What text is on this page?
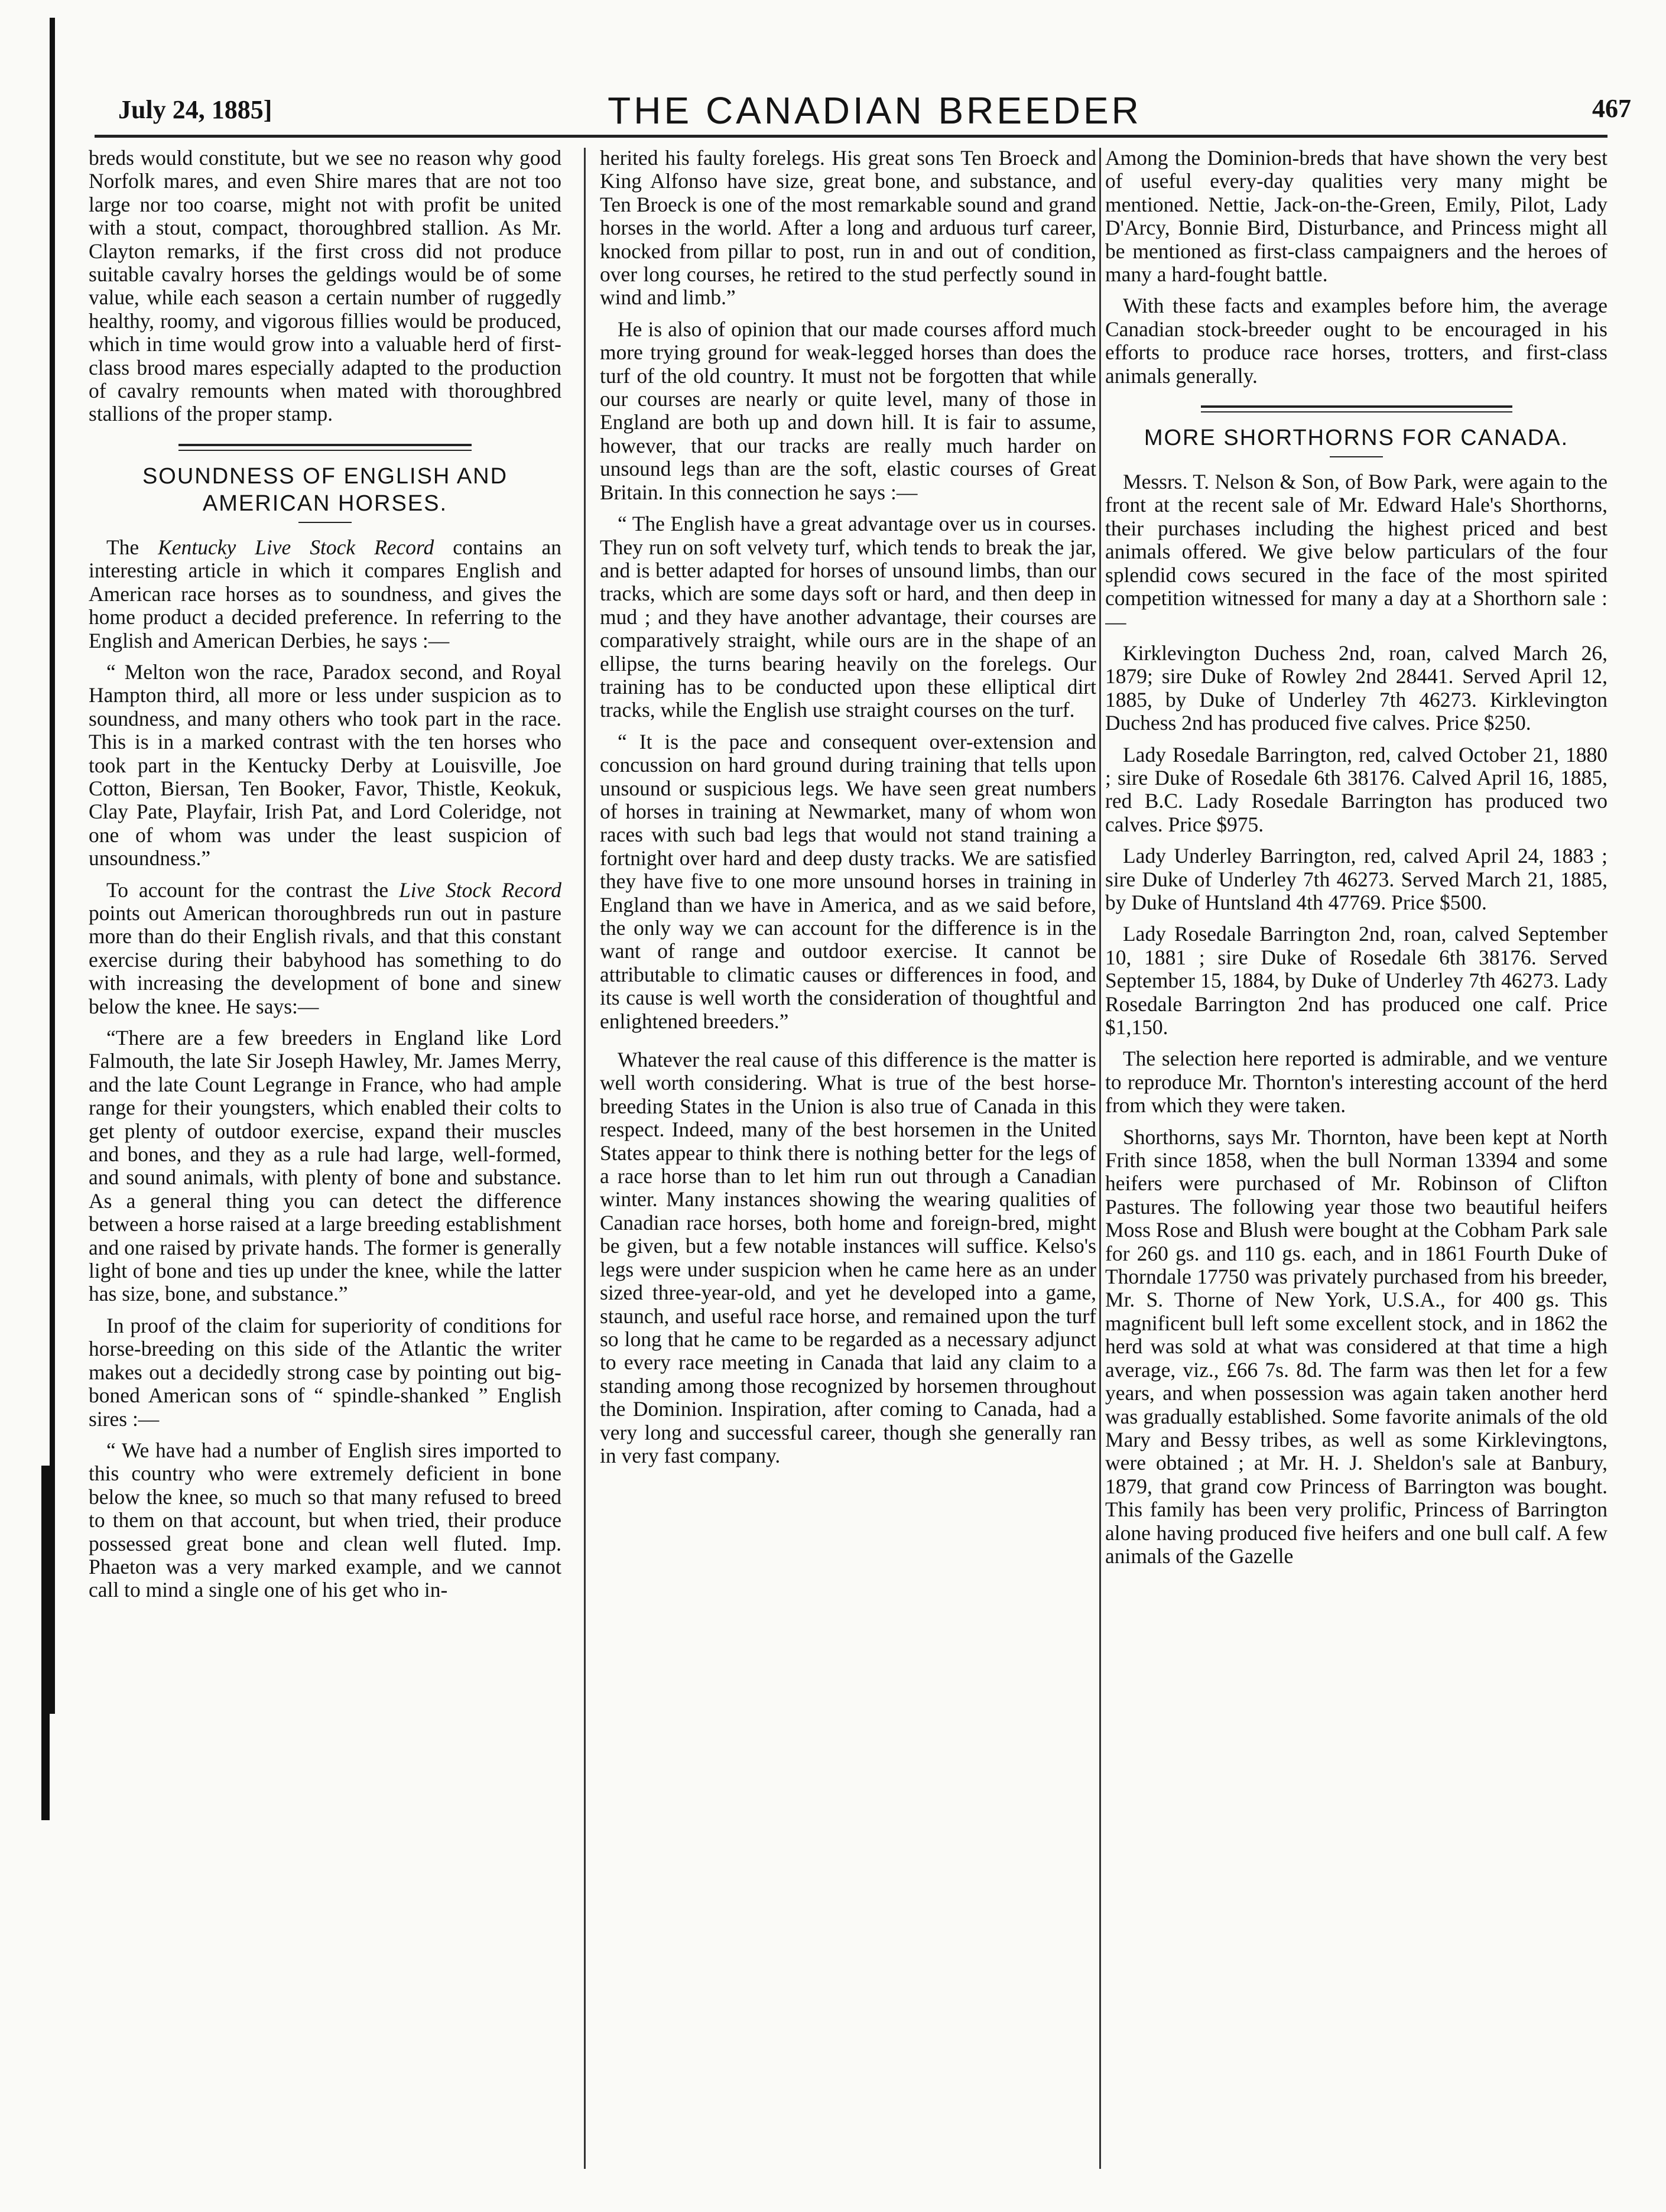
July 24, 1885]	THE CANADIAN BREEDER	467

breds would constitute, but we see no reason why good Norfolk mares, and even Shire mares that are not too large nor too coarse, might not with profit be united with a stout, compact, thoroughbred stallion. As Mr. Clayton remarks, if the first cross did not produce suitable cavalry horses the geldings would be of some value, while each season a certain number of ruggedly healthy, roomy, and vigorous fillies would be produced, which in time would grow into a valuable herd of first-class brood mares especially adapted to the production of cavalry remounts when mated with thoroughbred stallions of the proper stamp.

SOUNDNESS OF ENGLISH AND AMERICAN HORSES.

The Kentucky Live Stock Record contains an interesting article in which it compares English and American race horses as to soundness, and gives the home product a decided preference. In referring to the English and American Derbies, he says :—

“ Melton won the race, Paradox second, and Royal Hampton third, all more or less under suspicion as to soundness, and many others who took part in the race. This is in a marked contrast with the ten horses who took part in the Kentucky Derby at Louisville, Joe Cotton, Biersan, Ten Booker, Favor, Thistle, Keokuk, Clay Pate, Playfair, Irish Pat, and Lord Coleridge, not one of whom was under the least suspicion of unsoundness.”

To account for the contrast the Live Stock Record points out American thoroughbreds run out in pasture more than do their English rivals, and that this constant exercise during their babyhood has something to do with increasing the development of bone and sinew below the knee. He says:—

“There are a few breeders in England like Lord Falmouth, the late Sir Joseph Hawley, Mr. James Merry, and the late Count Legrange in France, who had ample range for their youngsters, which enabled their colts to get plenty of outdoor exercise, expand their muscles and bones, and they as a rule had large, well-formed, and sound animals, with plenty of bone and substance. As a general thing you can detect the difference between a horse raised at a large breeding establishment and one raised by private hands. The former is generally light of bone and ties up under the knee, while the latter has size, bone, and substance.”

In proof of the claim for superiority of conditions for horse-breeding on this side of the Atlantic the writer makes out a decidedly strong case by pointing out big-boned American sons of “ spindle-shanked ” English sires :—

“ We have had a number of English sires imported to this country who were extremely deficient in bone below the knee, so much so that many refused to breed to them on that account, but when tried, their produce possessed great bone and clean well fluted. Imp. Phaeton was a very marked example, and we cannot call to mind a single one of his get who in-

herited his faulty forelegs. His great sons Ten Broeck and King Alfonso have size, great bone, and substance, and Ten Broeck is one of the most remarkable sound and grand horses in the world. After a long and arduous turf career, knocked from pillar to post, run in and out of condition, over long courses, he retired to the stud perfectly sound in wind and limb.”

He is also of opinion that our made courses afford much more trying ground for weak-legged horses than does the turf of the old country. It must not be forgotten that while our courses are nearly or quite level, many of those in England are both up and down hill. It is fair to assume, however, that our tracks are really much harder on unsound legs than are the soft, elastic courses of Great Britain. In this connection he says :—

“ The English have a great advantage over us in courses. They run on soft velvety turf, which tends to break the jar, and is better adapted for horses of unsound limbs, than our tracks, which are some days soft or hard, and then deep in mud ; and they have another advantage, their courses are comparatively straight, while ours are in the shape of an ellipse, the turns bearing heavily on the forelegs. Our training has to be conducted upon these elliptical dirt tracks, while the English use straight courses on the turf.

“ It is the pace and consequent over-extension and concussion on hard ground during training that tells upon unsound or suspicious legs. We have seen great numbers of horses in training at Newmarket, many of whom won races with such bad legs that would not stand training a fortnight over hard and deep dusty tracks. We are satisfied they have five to one more unsound horses in training in England than we have in America, and as we said before, the only way we can account for the difference is in the want of range and outdoor exercise. It cannot be attributable to climatic causes or differences in food, and its cause is well worth the consideration of thoughtful and enlightened breeders.”

Whatever the real cause of this difference is the matter is well worth considering. What is true of the best horse-breeding States in the Union is also true of Canada in this respect. Indeed, many of the best horsemen in the United States appear to think there is nothing better for the legs of a race horse than to let him run out through a Canadian winter. Many instances showing the wearing qualities of Canadian race horses, both home and foreign-bred, might be given, but a few notable instances will suffice. Kelso's legs were under suspicion when he came here as an under sized three-year-old, and yet he developed into a game, staunch, and useful race horse, and remained upon the turf so long that he came to be regarded as a necessary adjunct to every race meeting in Canada that laid any claim to a standing among those recognized by horsemen throughout the Dominion. Inspiration, after coming to Canada, had a very long and successful career, though she generally ran in very fast company.

Among the Dominion-breds that have shown the very best of useful every-day qualities very many might be mentioned. Nettie, Jack-on-the-Green, Emily, Pilot, Lady D'Arcy, Bonnie Bird, Disturbance, and Princess might all be mentioned as first-class campaigners and the heroes of many a hard-fought battle.

With these facts and examples before him, the average Canadian stock-breeder ought to be encouraged in his efforts to produce race horses, trotters, and first-class animals generally.

MORE SHORTHORNS FOR CANADA.

Messrs. T. Nelson & Son, of Bow Park, were again to the front at the recent sale of Mr. Edward Hale's Shorthorns, their purchases including the highest priced and best animals offered. We give below particulars of the four splendid cows secured in the face of the most spirited competition witnessed for many a day at a Shorthorn sale :—

Kirklevington Duchess 2nd, roan, calved March 26, 1879; sire Duke of Rowley 2nd 28441. Served April 12, 1885, by Duke of Underley 7th 46273. Kirklevington Duchess 2nd has produced five calves. Price $250.

Lady Rosedale Barrington, red, calved October 21, 1880 ; sire Duke of Rosedale 6th 38176. Calved April 16, 1885, red B.C. Lady Rosedale Barrington has produced two calves. Price $975.

Lady Underley Barrington, red, calved April 24, 1883 ; sire Duke of Underley 7th 46273. Served March 21, 1885, by Duke of Huntsland 4th 47769. Price $500.

Lady Rosedale Barrington 2nd, roan, calved September 10, 1881 ; sire Duke of Rosedale 6th 38176. Served September 15, 1884, by Duke of Underley 7th 46273. Lady Rosedale Barrington 2nd has produced one calf. Price $1,150.

The selection here reported is admirable, and we venture to reproduce Mr. Thornton's interesting account of the herd from which they were taken.

Shorthorns, says Mr. Thornton, have been kept at North Frith since 1858, when the bull Norman 13394 and some heifers were purchased of Mr. Robinson of Clifton Pastures. The following year those two beautiful heifers Moss Rose and Blush were bought at the Cobham Park sale for 260 gs. and 110 gs. each, and in 1861 Fourth Duke of Thorndale 17750 was privately purchased from his breeder, Mr. S. Thorne of New York, U.S.A., for 400 gs. This magnificent bull left some excellent stock, and in 1862 the herd was sold at what was considered at that time a high average, viz., £66 7s. 8d. The farm was then let for a few years, and when possession was again taken another herd was gradually established. Some favorite animals of the old Mary and Bessy tribes, as well as some Kirklevingtons, were obtained ; at Mr. H. J. Sheldon's sale at Banbury, 1879, that grand cow Princess of Barrington was bought. This family has been very prolific, Princess of Barrington alone having produced five heifers and one bull calf. A few animals of the Gazelle
